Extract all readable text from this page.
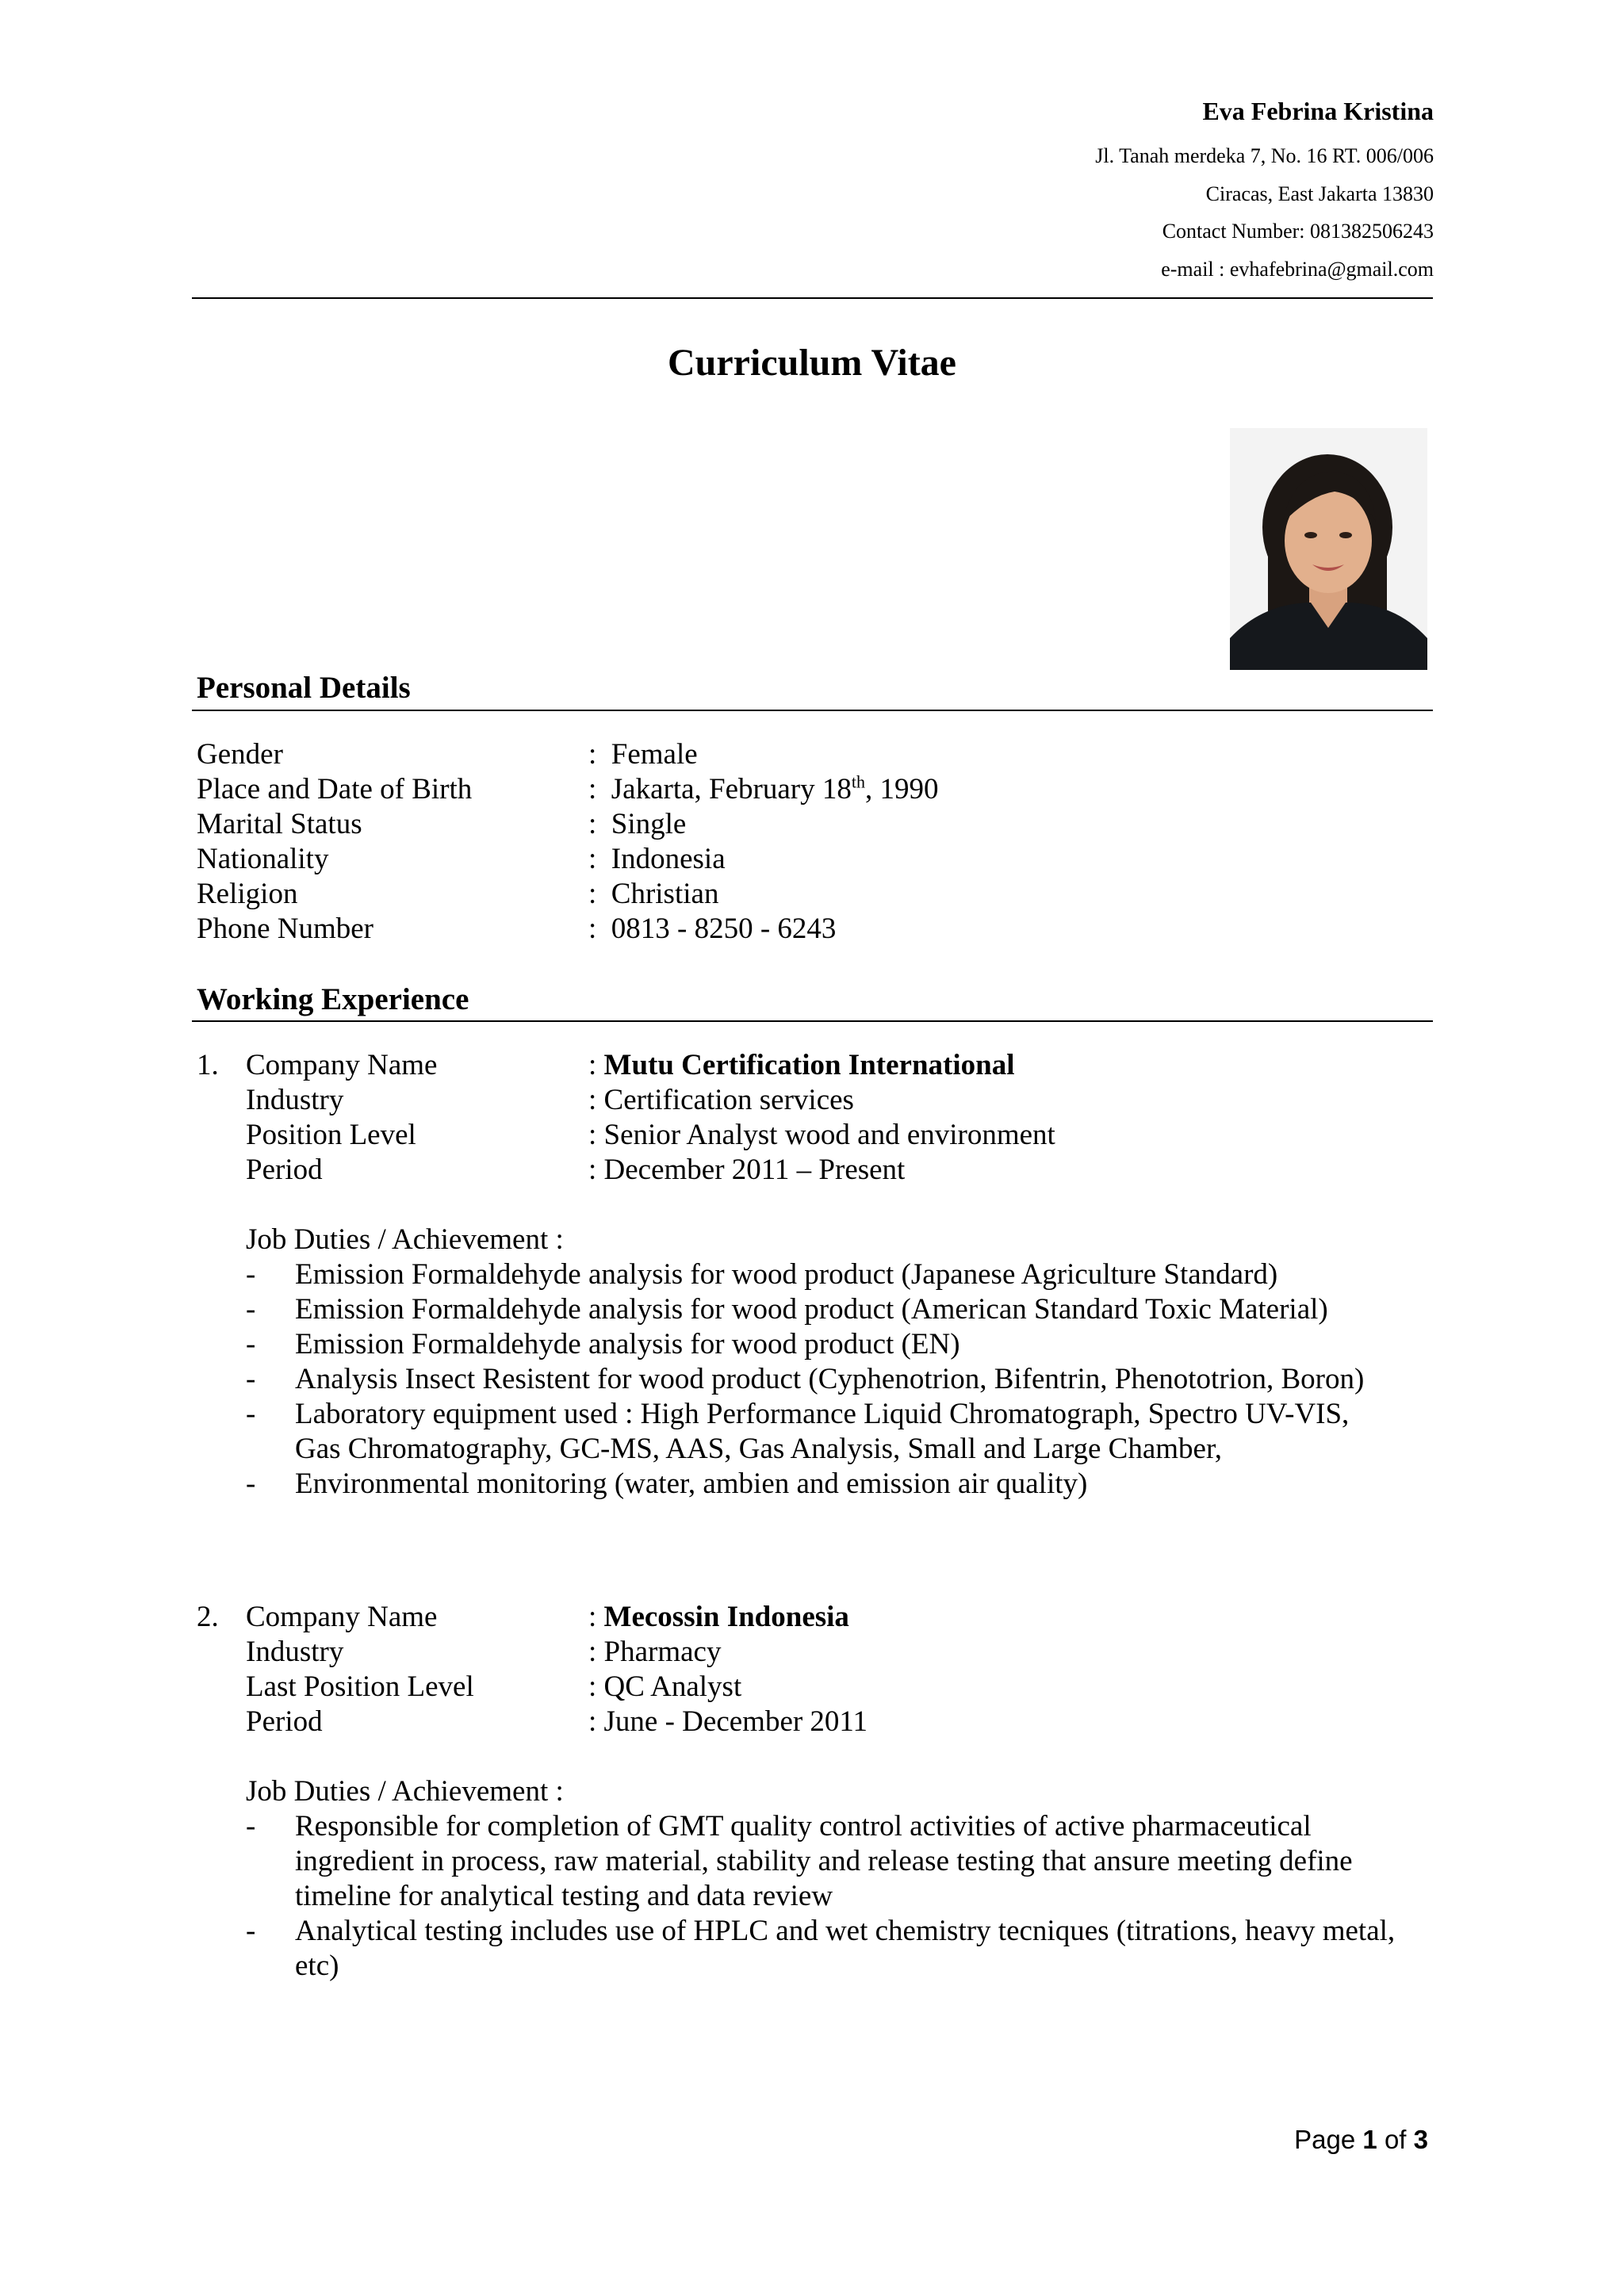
Eva Febrina Kristina
Jl. Tanah merdeka 7, No. 16 RT. 006/006
Ciracas, East Jakarta 13830
Contact Number: 081382506243
e-mail : evhafebrina@gmail.com
Curriculum Vitae
Personal Details
Gender	:  Female
Place and Date of Birth	:  Jakarta, February 18th, 1990
Marital Status	:  Single
Nationality	:  Indonesia
Religion	:  Christian
Phone Number	:  0813 - 8250 - 6243
Working Experience
1. Company Name	: Mutu Certification International
Industry	: Certification services
Position Level	: Senior Analyst wood and environment
Period	: December 2011 – Present
Job Duties / Achievement :
- Emission Formaldehyde analysis for wood product (Japanese Agriculture Standard)
- Emission Formaldehyde analysis for wood product (American Standard Toxic Material)
- Emission Formaldehyde analysis for wood product (EN)
- Analysis Insect Resistent for wood product (Cyphenotrion, Bifentrin, Phenototrion, Boron)
- Laboratory equipment used : High Performance Liquid Chromatograph, Spectro UV-VIS,
Gas Chromatography, GC-MS, AAS, Gas Analysis, Small and Large Chamber,
- Environmental monitoring (water, ambien and emission air quality)
2. Company Name	: Mecossin Indonesia
Industry	: Pharmacy
Last Position Level	: QC Analyst
Period	: June - December 2011
Job Duties / Achievement :
- Responsible for completion of GMT quality control activities of active pharmaceutical
ingredient in process, raw material, stability and release testing that ansure meeting define
timeline for analytical testing and data review
- Analytical testing includes use of HPLC and wet chemistry tecniques (titrations, heavy metal,
etc)
Page 1 of 3
